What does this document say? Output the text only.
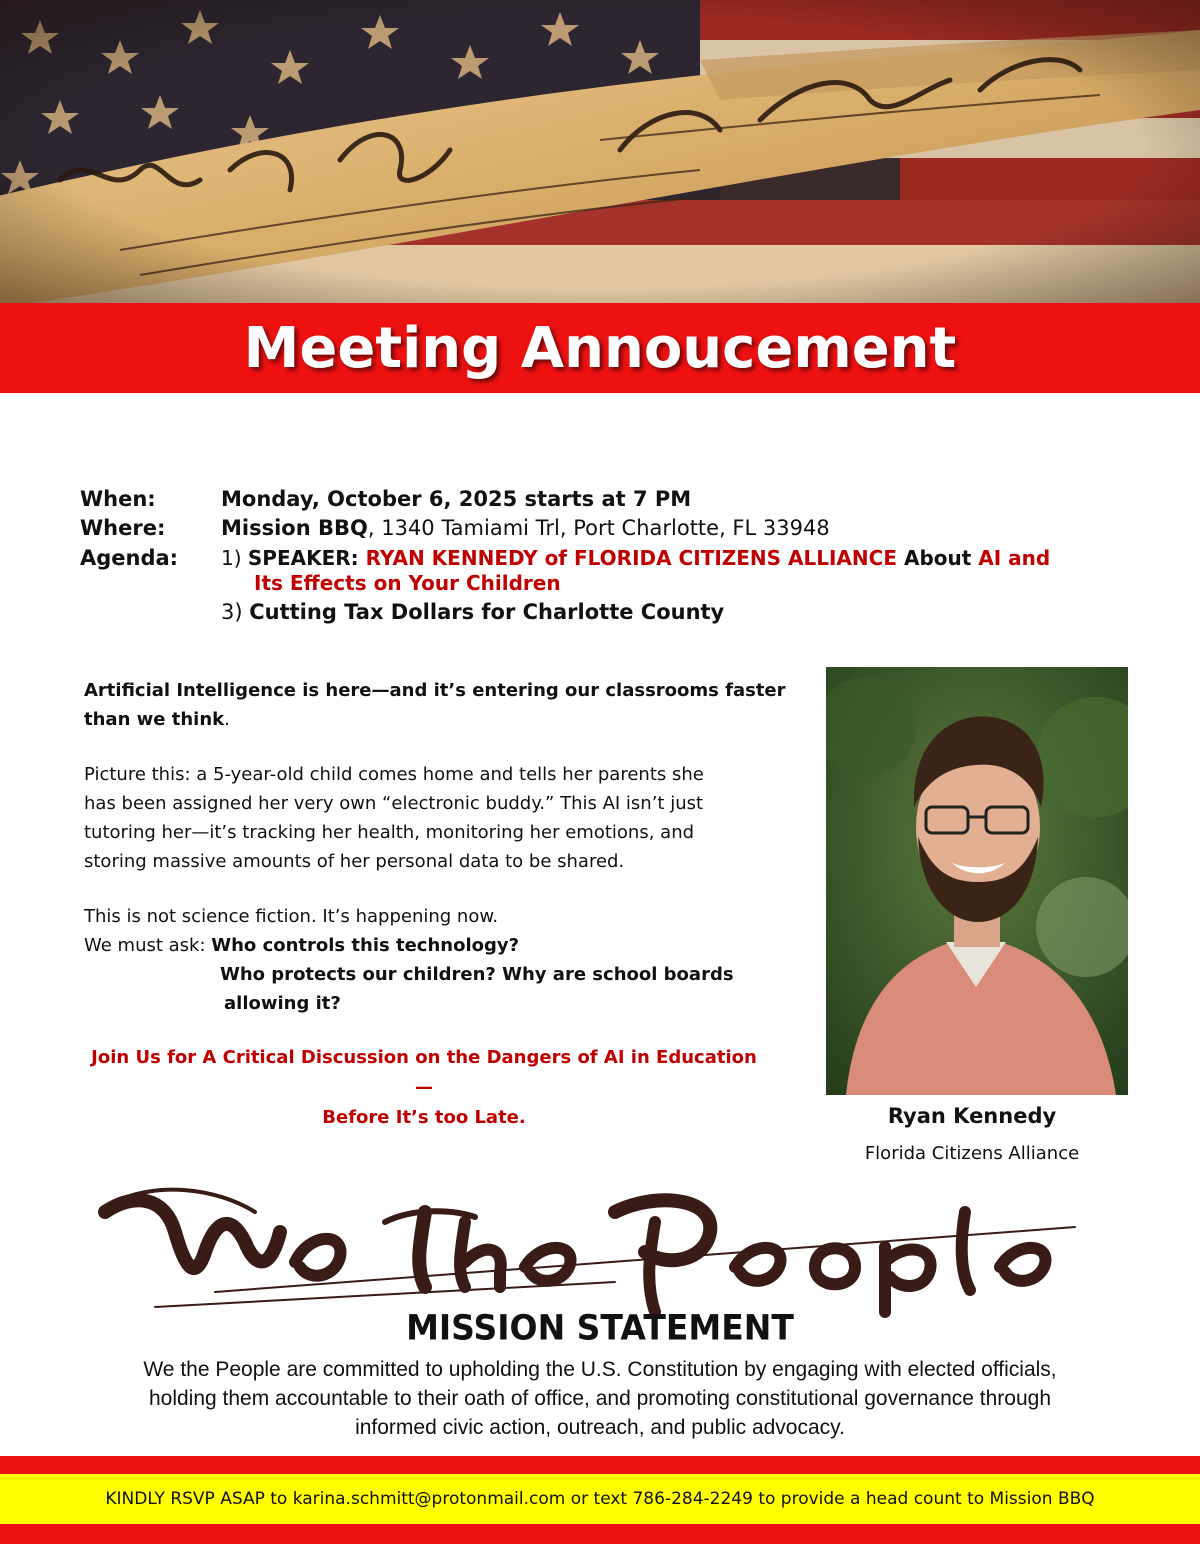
Meeting Annoucement
When:	Monday, October 6, 2025 starts at 7 PM
Where:	Mission BBQ, 1340 Tamiami Trl, Port Charlotte, FL 33948
Agenda: 1) SPEAKER: RYAN KENNEDY of FLORIDA CITIZENS ALLIANCE About AI and
Its Effects on Your Children
3) Cutting Tax Dollars for Charlotte County
Artificial Intelligence is here—and it’s entering our classrooms faster
than we think.
Picture this: a 5-year-old child comes home and tells her parents she
has been assigned her very own “electronic buddy.” This AI isn’t just
tutoring her—it’s tracking her health, monitoring her emotions, and
storing massive amounts of her personal data to be shared.
This is not science fiction. It’s happening now.
We must ask: Who controls this technology?
Who protects our children? Why are school boards
allowing it?
Join Us for A Critical Discussion on the Dangers of AI in Education—
Before It’s too Late.	Ryan Kennedy
Florida Citizens Alliance
MISSION STATEMENT
We the People are committed to upholding the U.S. Constitution by engaging with elected officials,
holding them accountable to their oath of office, and promoting constitutional governance through
informed civic action, outreach, and public advocacy.
KINDLY RSVP ASAP to karina.schmitt@protonmail.com or text 786-284-2249 to provide a head count to Mission BBQ
